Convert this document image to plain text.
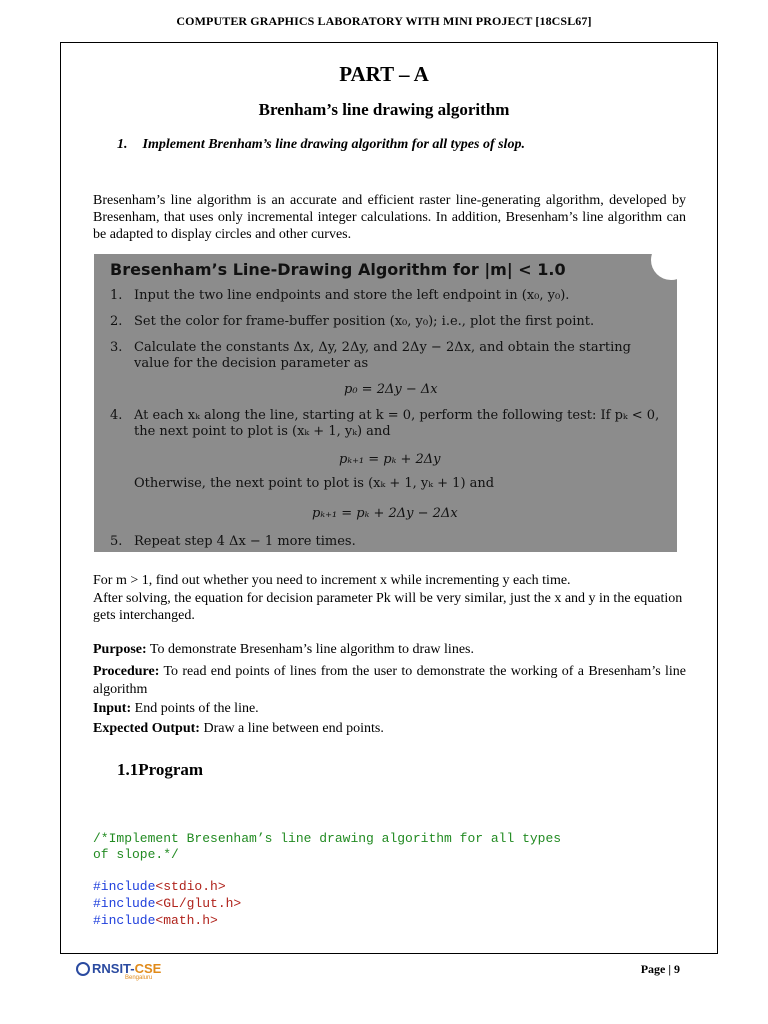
COMPUTER GRAPHICS LABORATORY WITH MINI PROJECT [18CSL67]
PART – A
Brenham’s line drawing algorithm
1. Implement Brenham’s line drawing algorithm for all types of slop.
Bresenham’s line algorithm is an accurate and efficient raster line-generating algorithm, developed by Bresenham, that uses only incremental integer calculations. In addition, Bresenham’s line algorithm can be adapted to display circles and other curves.
Bresenham’s Line-Drawing Algorithm for |m| < 1.0
1. Input the two line endpoints and store the left endpoint in (x₀, y₀).
2. Set the color for frame-buffer position (x₀, y₀); i.e., plot the first point.
3. Calculate the constants Δx, Δy, 2Δy, and 2Δy − 2Δx, and obtain the starting value for the decision parameter as
p₀ = 2Δy − Δx
4. At each xₖ along the line, starting at k = 0, perform the following test: If pₖ < 0, the next point to plot is (xₖ + 1, yₖ) and
pₖ₊₁ = pₖ + 2Δy
Otherwise, the next point to plot is (xₖ + 1, yₖ + 1) and
pₖ₊₁ = pₖ + 2Δy − 2Δx
5. Repeat step 4 Δx − 1 more times.
For m > 1, find out whether you need to increment x while incrementing y each time.
After solving, the equation for decision parameter Pk will be very similar, just the x and y in the equation gets interchanged.
Purpose: To demonstrate Bresenham’s line algorithm to draw lines.
Procedure: To read end points of lines from the user to demonstrate the working of a Bresenham’s line algorithm
Input: End points of the line.
Expected Output: Draw a line between end points.
1.1Program
/*Implement Bresenham’s line drawing algorithm for all types
of slope.*/
#include<stdio.h>
#include<GL/glut.h>
#include<math.h>
RNSIT-CSE
Bengaluru
Page | 9
